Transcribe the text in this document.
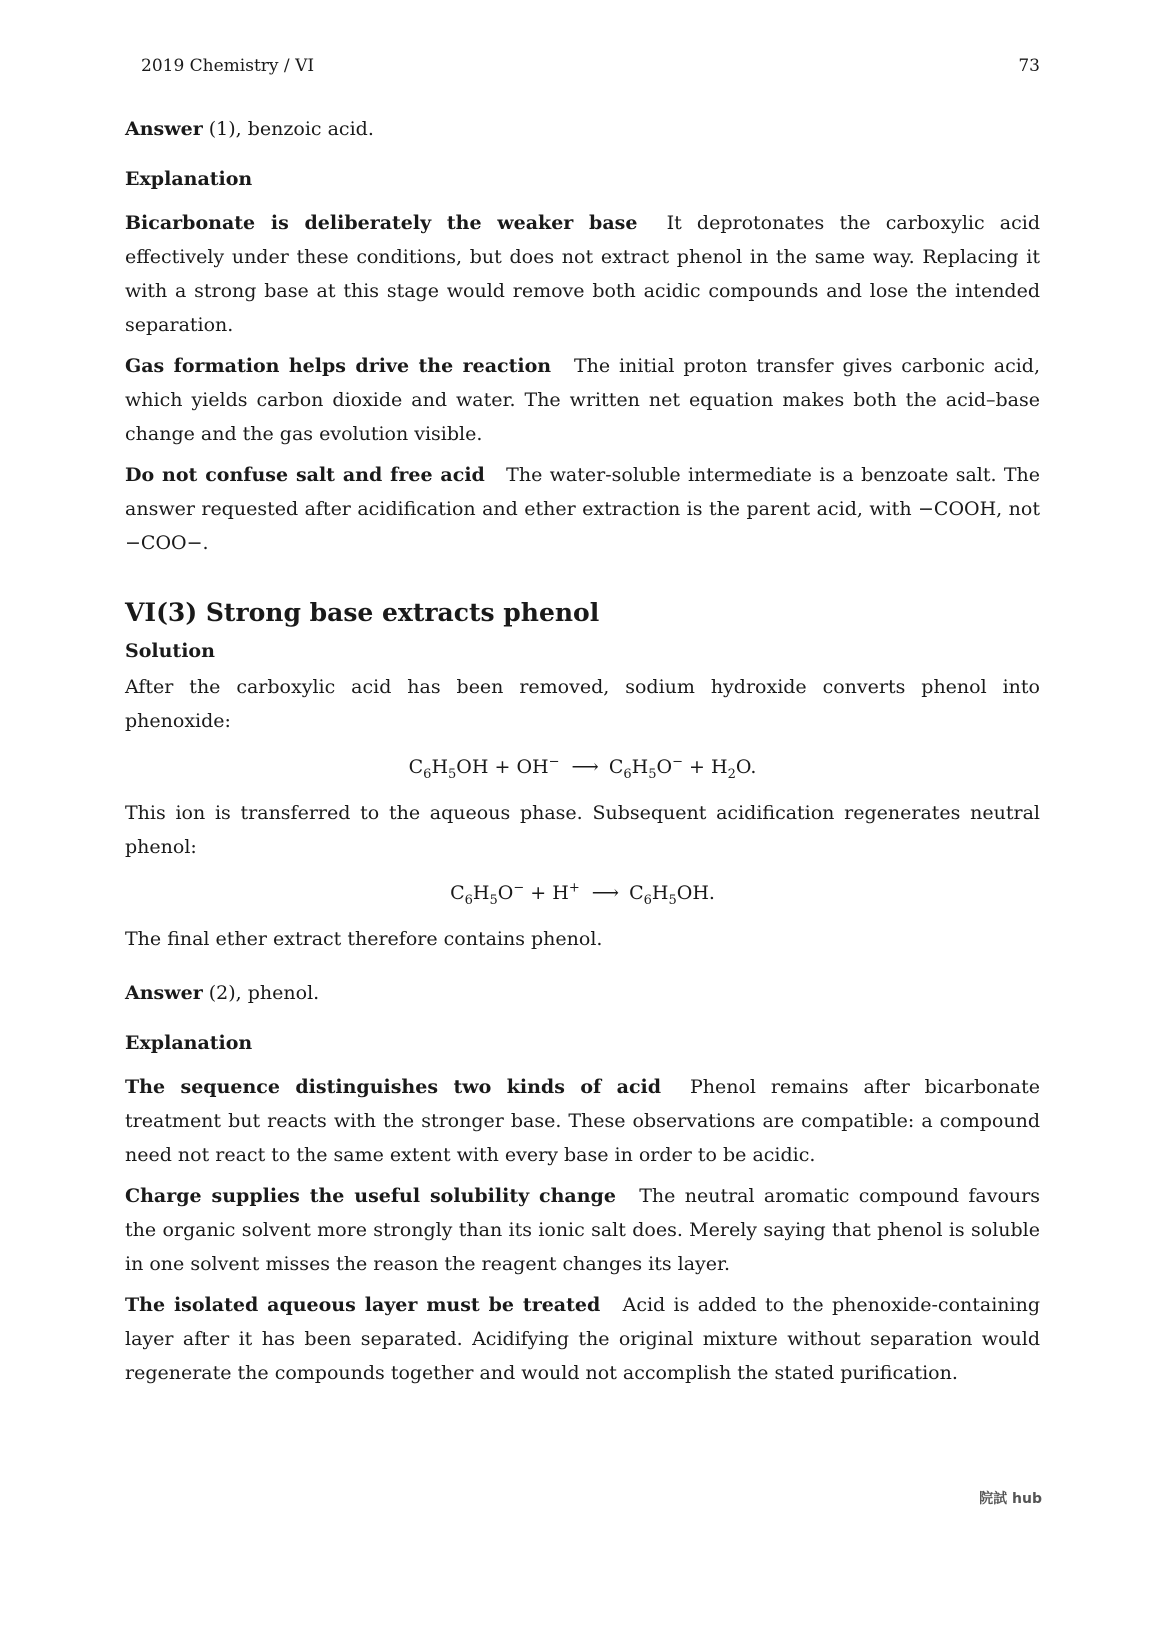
2019 Chemistry / VI	73

Answer (1), benzoic acid.

Explanation

Bicarbonate is deliberately the weaker base It deprotonates the carboxylic acid effectively under these conditions, but does not extract phenol in the same way. Replacing it with a strong base at this stage would remove both acidic compounds and lose the intended separation.

Gas formation helps drive the reaction The initial proton transfer gives carbonic acid, which yields carbon dioxide and water. The written net equation makes both the acid–base change and the gas evolution visible.

Do not confuse salt and free acid The water-soluble intermediate is a benzoate salt. The answer requested after acidification and ether extraction is the parent acid, with −COOH, not −COO−.

VI(3) Strong base extracts phenol

Solution

After the carboxylic acid has been removed, sodium hydroxide converts phenol into phenoxide:

$C_6H_5OH + OH^-$ ⟶ $C_6H_5O^- + H_2O$.

This ion is transferred to the aqueous phase. Subsequent acidification regenerates neutral phenol:

$C_6H_5O^- + H^+$ ⟶ $C_6H_5OH$.

The final ether extract therefore contains phenol.

Answer (2), phenol.

Explanation

The sequence distinguishes two kinds of acid Phenol remains after bicarbonate treatment but reacts with the stronger base. These observations are compatible: a compound need not react to the same extent with every base in order to be acidic.

Charge supplies the useful solubility change The neutral aromatic compound favours the organic solvent more strongly than its ionic salt does. Merely saying that phenol is soluble in one solvent misses the reason the reagent changes its layer.

The isolated aqueous layer must be treated Acid is added to the phenoxide-containing layer after it has been separated. Acidifying the original mixture without separation would regenerate the compounds together and would not accomplish the stated purification.

院試 hub
